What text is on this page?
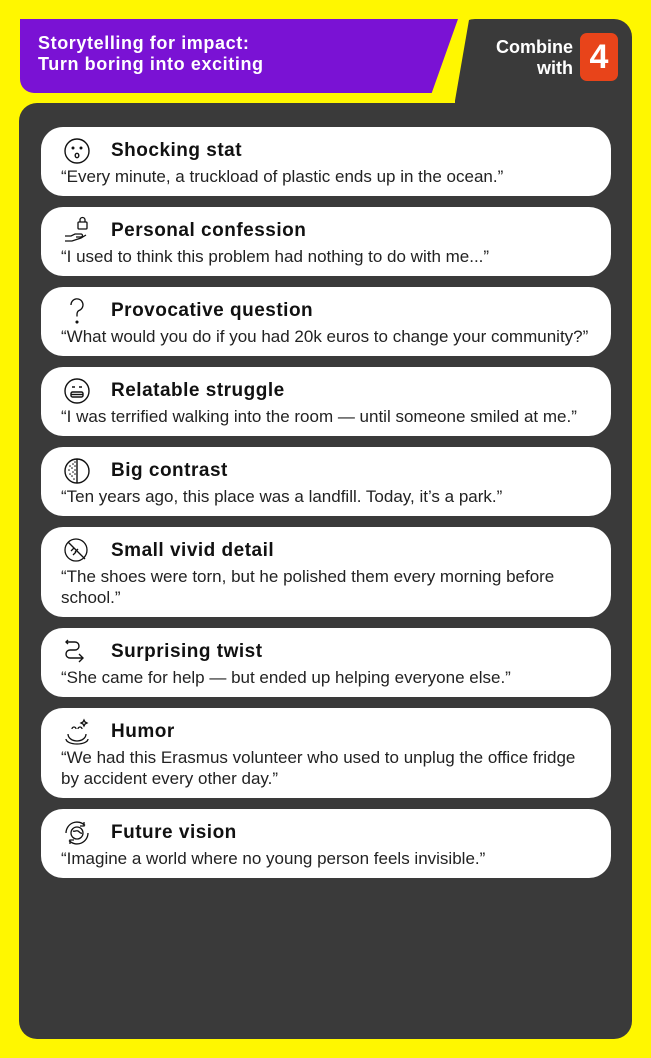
Storytelling for impact:
Turn boring into exciting
Combine
with 4
Shocking stat
“Every minute, a truckload of plastic ends up in the ocean.”
Personal confession
“I used to think this problem had nothing to do with me...”
Provocative question
“What would you do if you had 20k euros to change your community?”
Relatable struggle
“I was terrified walking into the room — until someone smiled at me.”
Big contrast
“Ten years ago, this place was a landfill. Today, it’s a park.”
Small vivid detail
“The shoes were torn, but he polished them every morning before school.”
Surprising twist
“She came for help — but ended up helping everyone else.”
Humor
“We had this Erasmus volunteer who used to unplug the office fridge by accident every other day.”
Future vision
“Imagine a world where no young person feels invisible.”
